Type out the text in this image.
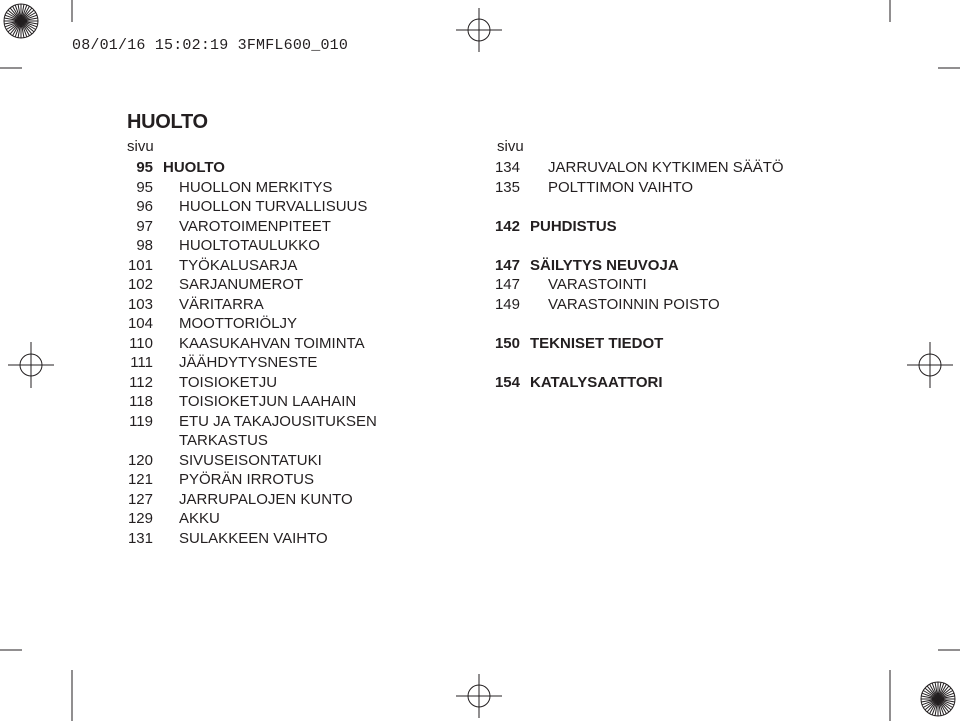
08/01/16 15:02:19 3FMFL600_010
HUOLTO
sivu
95 HUOLTO
95 HUOLLON MERKITYS
96 HUOLLON TURVALLISUUS
97 VAROTOIMENPITEET
98 HUOLTOTAULUKKO
101 TYÖKALUSARJA
102 SARJANUMEROT
103 VÄRITARRA
104 MOOTTORIÖLJY
110 KAASUKAHVAN TOIMINTA
111 JÄÄHDYTYSNESTE
112 TOISIOKETJU
118 TOISIOKETJUN LAAHAIN
119 ETU JA TAKAJOUSITUKSEN
TARKASTUS
120 SIVUSEISONTATUKI
121 PYÖRÄN IRROTUS
127 JARRUPALOJEN KUNTO
129 AKKU
131 SULAKKEEN VAIHTO
sivu
134 JARRUVALON KYTKIMEN SÄÄTÖ
135 POLTTIMON VAIHTO
142 PUHDISTUS
147 SÄILYTYS NEUVOJA
147 VARASTOINTI
149 VARASTOINNIN POISTO
150 TEKNISET TIEDOT
154 KATALYSAATTORI
